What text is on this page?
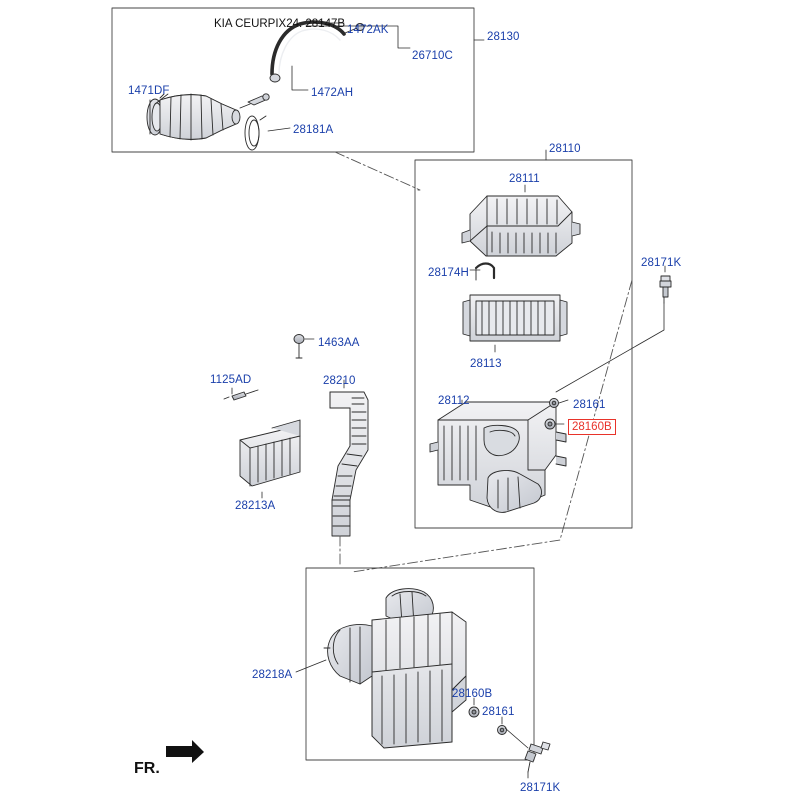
KIA CEURPIX24. 28147B
28130
26710C
1472AK
1472AH
1471DF
28181A
28110
28111
28174H
28171K
28113
28112	28161
28160B
1463AA
1125AD	28210
28213A
28218A
28160B
28161
28171K
FR.
